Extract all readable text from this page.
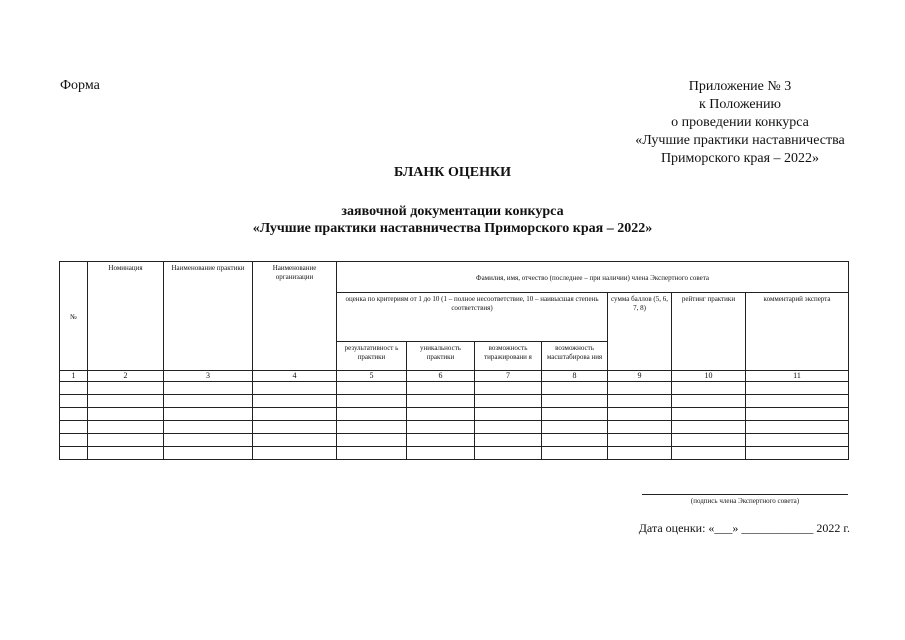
Форма	Приложение № 3
к Положению
о проведении конкурса
«Лучшие практики наставничества
Приморского края – 2022»
БЛАНК ОЦЕНКИ
заявочной документации конкурса
«Лучшие практики наставничества Приморского края – 2022»
№	Номинация	Наименование практики	Наименование организации	Фамилия, имя, отчество (последнее – при наличии) члена Экспертного совета						
				оценка по критериям от 1 до 10 (1 – полное несоответствие, 10 – наивысшая степень соответствия)				сумма баллов (5, 6, 7, 8)	рейтинг практики	комментарий эксперта
				результативност ь практики	уникальность практики	возможность тиражировани я	возможность масштабирова ния			
1	2	3	4	5	6	7	8	9	10	11

(подпись члена Экспертного совета)
Дата оценки: «___» ____________ 2022 г.
